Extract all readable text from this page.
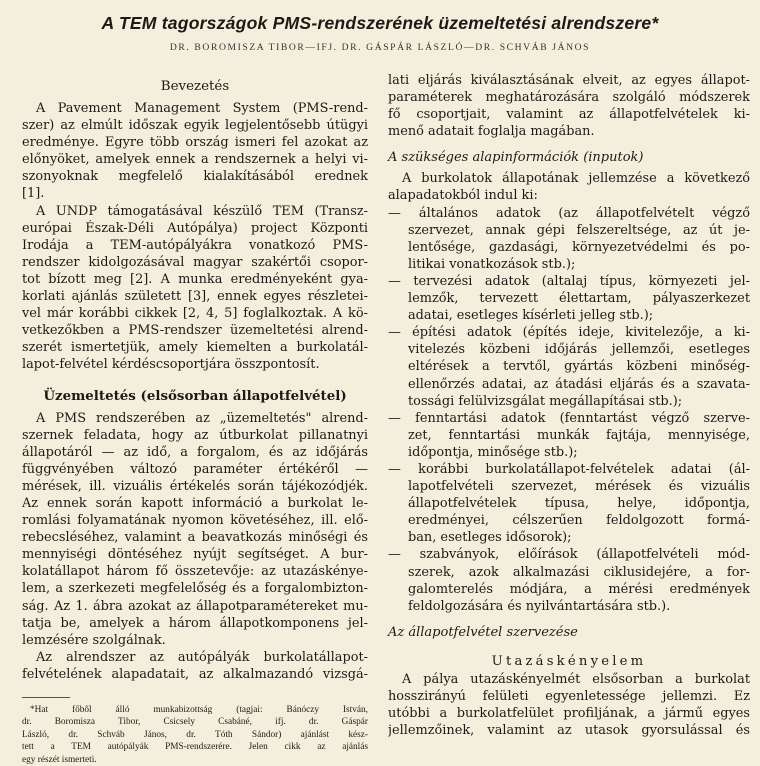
A TEM tagországok PMS-rendszerének üzemeltetési alrendszere*
DR. BOROMISZA TIBOR—IFJ. DR. GÁSPÁR LÁSZLÓ—DR. SCHVÁB JÁNOS
Bevezetés
A Pavement Management System (PMS-rend-
szer) az elmúlt időszak egyik legjelentősebb útügyi
eredménye. Egyre több ország ismeri fel azokat az
előnyöket, amelyek ennek a rendszernek a helyi vi-
szonyoknak megfelelő kialakításából erednek
[1].
A UNDP támogatásával készülő TEM (Transz-
európai Észak-Déli Autópálya) project Központi
Irodája a TEM-autópályákra vonatkozó PMS-
rendszer kidolgozásával magyar szakértői csopor-
tot bízott meg [2]. A munka eredményeként gya-
korlati ajánlás született [3], ennek egyes részletei-
vel már korábbi cikkek [2, 4, 5] foglalkoztak. A kö-
vetkezőkben a PMS-rendszer üzemeltetési alrend-
szerét ismertetjük, amely kiemelten a burkolatál-
lapot-felvétel kérdéscsoportjára összpontosít.
Üzemeltetés (elsősorban állapotfelvétel)
A PMS rendszerében az „üzemeltetés" alrend-
szernek feladata, hogy az útburkolat pillanatnyi
állapotáról — az idő, a forgalom, és az időjárás
függvényében változó paraméter értékéről —
mérések, ill. vizuális értékelés során tájékozódjék.
Az ennek során kapott információ a burkolat le-
romlási folyamatának nyomon követéséhez, ill. elő-
rebecsléséhez, valamint a beavatkozás minőségi és
mennyiségi döntéséhez nyújt segítséget. A bur-
kolatállapot három fő összetevője: az utazáskénye-
lem, a szerkezeti megfelelőség és a forgalombizton-
ság. Az 1. ábra azokat az állapotparamétereket mu-
tatja be, amelyek a három állapotkomponens jel-
lemzésére szolgálnak.
Az alrendszer az autópályák burkolatállapot-
felvételének alapadatait, az alkalmazandó vizsgá-
*Hat főből álló munkabizottság (tagjai: Bánóczy István,
dr. Boromisza Tibor, Csicsely Csabáné, ifj. dr. Gáspár
László, dr. Schváb János, dr. Tóth Sándor) ajánlást kész-
tett a TEM autópályák PMS-rendszerére. Jelen cikk az ajánlás
egy részét ismerteti.
lati eljárás kiválasztásának elveit, az egyes állapot-
paraméterek meghatározására szolgáló módszerek
fő csoportjait, valamint az állapotfelvételek ki-
menő adatait foglalja magában.
A szükséges alapinformációk (inputok)
A burkolatok állapotának jellemzése a következő
alapadatokból indul ki:
— általános adatok (az állapotfelvételt végző
szervezet, annak gépi felszereltsége, az út je-
lentősége, gazdasági, környezetvédelmi és po-
litikai vonatkozások stb.);
— tervezési adatok (altalaj típus, környezeti jel-
lemzők, tervezett élettartam, pályaszerkezet
adatai, esetleges kísérleti jelleg stb.);
— építési adatok (építés ideje, kivitelezője, a ki-
vitelezés közbeni időjárás jellemzői, esetleges
eltérések a tervtől, gyártás közbeni minőség-
ellenőrzés adatai, az átadási eljárás és a szavata-
tossági felülvizsgálat megállapításai stb.);
— fenntartási adatok (fenntartást végző szerve-
zet, fenntartási munkák fajtája, mennyisége,
időpontja, minősége stb.);
— korábbi burkolatállapot-felvételek adatai (ál-
lapotfelvételi szervezet, mérések és vizuális
állapotfelvételek típusa, helye, időpontja,
eredményei, célszerűen feldolgozott formá-
ban, esetleges idősorok);
— szabványok, előírások (állapotfelvételi mód-
szerek, azok alkalmazási ciklusidejére, a for-
galomterelés módjára, a mérési eredmények
feldolgozására és nyilvántartására stb.).
Az állapotfelvétel szervezése
Utazáskényelem
A pálya utazáskényelmét elsősorban a burkolat
hosszirányú felületi egyenletessége jellemzi. Ez
utóbbi a burkolatfelület profiljának, a jármű egyes
jellemzőinek, valamint az utasok gyorsulással és
